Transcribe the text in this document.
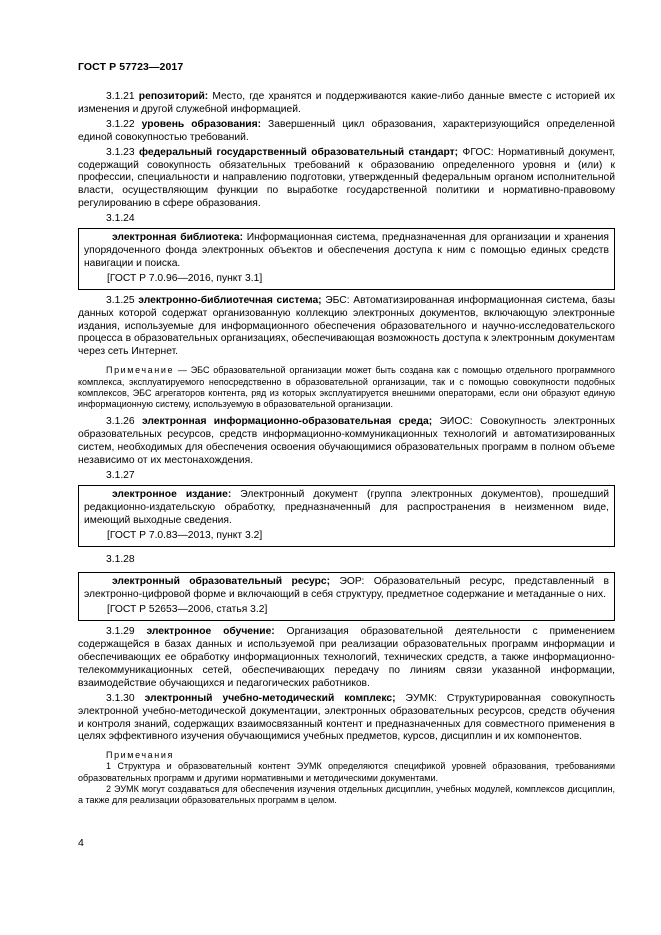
ГОСТ Р 57723—2017

3.1.21 репозиторий: Место, где хранятся и поддерживаются какие-либо данные вместе с историей их изменения и другой служебной информацией.

3.1.22 уровень образования: Завершенный цикл образования, характеризующийся определенной единой совокупностью требований.

3.1.23 федеральный государственный образовательный стандарт; ФГОС: Нормативный документ, содержащий совокупность обязательных требований к образованию определенного уровня и (или) к профессии, специальности и направлению подготовки, утвержденный федеральным органом исполнительной власти, осуществляющим функции по выработке государственной политики и нормативно-правовому регулированию в сфере образования.

3.1.24

электронная библиотека: Информационная система, предназначенная для организации и хранения упорядоченного фонда электронных объектов и обеспечения доступа к ним с помощью единых средств навигации и поиска.

[ГОСТ Р 7.0.96—2016, пункт 3.1]

3.1.25 электронно-библиотечная система; ЭБС: Автоматизированная информационная система, базы данных которой содержат организованную коллекцию электронных документов, включающую электронные издания, используемые для информационного обеспечения образовательного и научно-исследовательского процесса в образовательных организациях, обеспечивающая возможность доступа к электронным документам через сеть Интернет.

Примечание — ЭБС образовательной организации может быть создана как с помощью отдельного программного комплекса, эксплуатируемого непосредственно в образовательной организации, так и с помощью совокупности подобных комплексов, ЭБС агрегаторов контента, ряд из которых эксплуатируется внешними операторами, если они образуют единую информационную систему, используемую в образовательной организации.

3.1.26 электронная информационно-образовательная среда; ЭИОС: Совокупность электронных образовательных ресурсов, средств информационно-коммуникационных технологий и автоматизированных систем, необходимых для обеспечения освоения обучающимися образовательных программ в полном объеме независимо от их местонахождения.

3.1.27

электронное издание: Электронный документ (группа электронных документов), прошедший редакционно-издательскую обработку, предназначенный для распространения в неизменном виде, имеющий выходные сведения.

[ГОСТ Р 7.0.83—2013, пункт 3.2]

3.1.28

электронный образовательный ресурс; ЭОР: Образовательный ресурс, представленный в электронно-цифровой форме и включающий в себя структуру, предметное содержание и метаданные о них.

[ГОСТ Р 52653—2006, статья 3.2]

3.1.29 электронное обучение: Организация образовательной деятельности с применением содержащейся в базах данных и используемой при реализации образовательных программ информации и обеспечивающих ее обработку информационных технологий, технических средств, а также информационно-телекоммуникационных сетей, обеспечивающих передачу по линиям связи указанной информации, взаимодействие обучающихся и педагогических работников.

3.1.30 электронный учебно-методический комплекс; ЭУМК: Структурированная совокупность электронной учебно-методической документации, электронных образовательных ресурсов, средств обучения и контроля знаний, содержащих взаимосвязанный контент и предназначенных для совместного применения в целях эффективного изучения обучающимися учебных предметов, курсов, дисциплин и их компонентов.

Примечания

1 Структура и образовательный контент ЭУМК определяются спецификой уровней образования, требованиями образовательных программ и другими нормативными и методическими документами.

2 ЭУМК могут создаваться для обеспечения изучения отдельных дисциплин, учебных модулей, комплексов дисциплин, а также для реализации образовательных программ в целом.

4
